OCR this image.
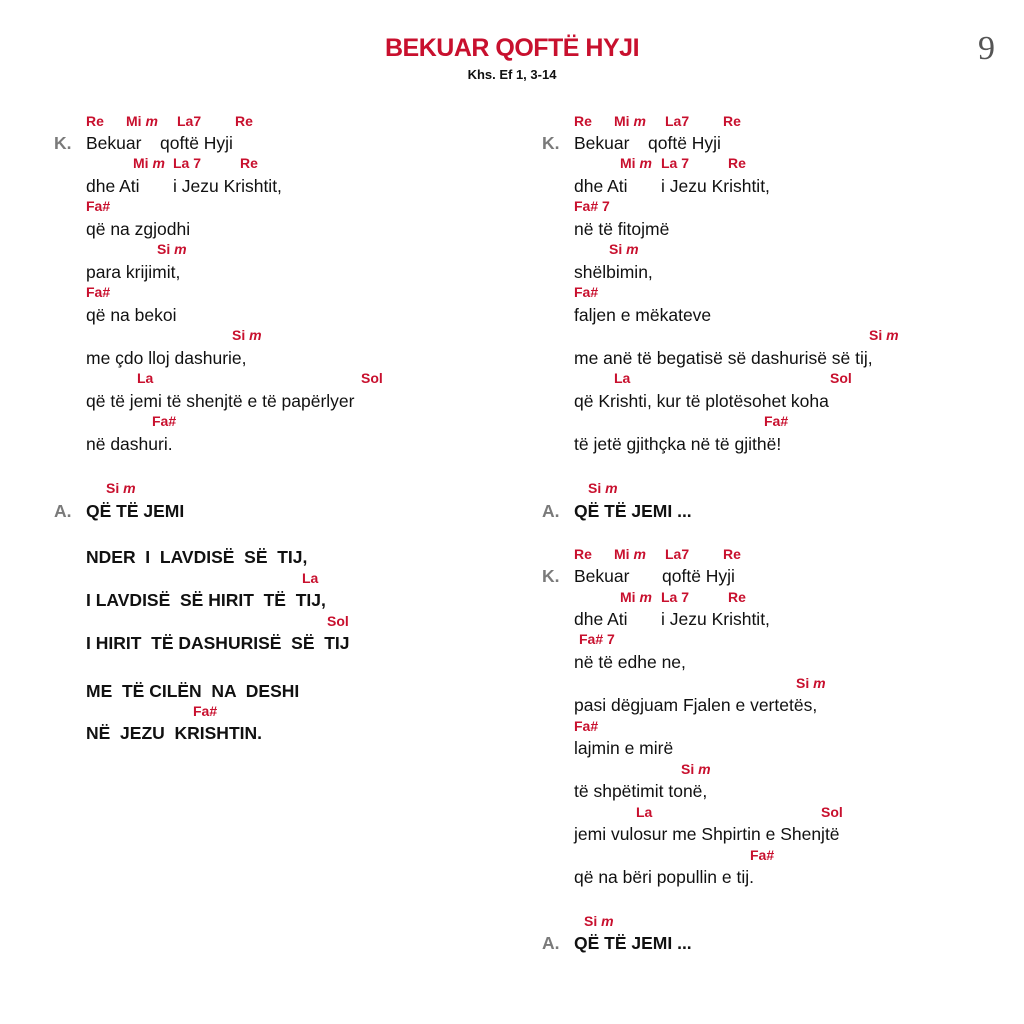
BEKUAR QOFTË HYJI
Khs. Ef 1, 3-14
9
Re Mi m La7 Re
K. Bekuar qoftë Hyji
Mi m La 7	Re
dhe Ati i Jezu Krishtit,
Fa#
që na zgjodhi
Si m
para krijimit,
Fa#
që na bekoi
Si m
me çdo lloj dashurie,
La	Sol
që të jemi të shenjtë e të papërlyer
Fa#
në dashuri.
Si m
A. QË TË JEMI
NDER  I  LAVDISË  SË  TIJ,
La
I LAVDISË  SË HIRIT  TË  TIJ,
Sol
I HIRIT  TË DASHURISË  SË  TIJ
ME  TË CILËN  NA  DESHI
Fa#
NË  JEZU  KRISHTIN.
Re Mi m La7 Re
K. Bekuar qoftë Hyji
Mi m La 7	Re
dhe Ati i Jezu Krishtit,
Fa# 7
në të fitojmë
Si m
shëlbimin,
Fa#
faljen e mëkateve
Si m
me anë të begatisë së dashurisë së tij,
La	Sol
që Krishti, kur të plotësohet koha
Fa#
të jetë gjithçka në të gjithë!
Si m
A. QË TË JEMI ...
Re Mi m La7 Re
K. Bekuar qoftë Hyji
Mi m La 7	Re
dhe Ati i Jezu Krishtit,
Fa# 7
në të edhe ne,
Si m
pasi dëgjuam Fjalen e vertetës,
Fa#
lajmin e mirë
Si m
të shpëtimit tonë,
La	Sol
jemi vulosur me Shpirtin e Shenjtë
Fa#
që na bëri popullin e tij.
Si m
A. QË TË JEMI ...
